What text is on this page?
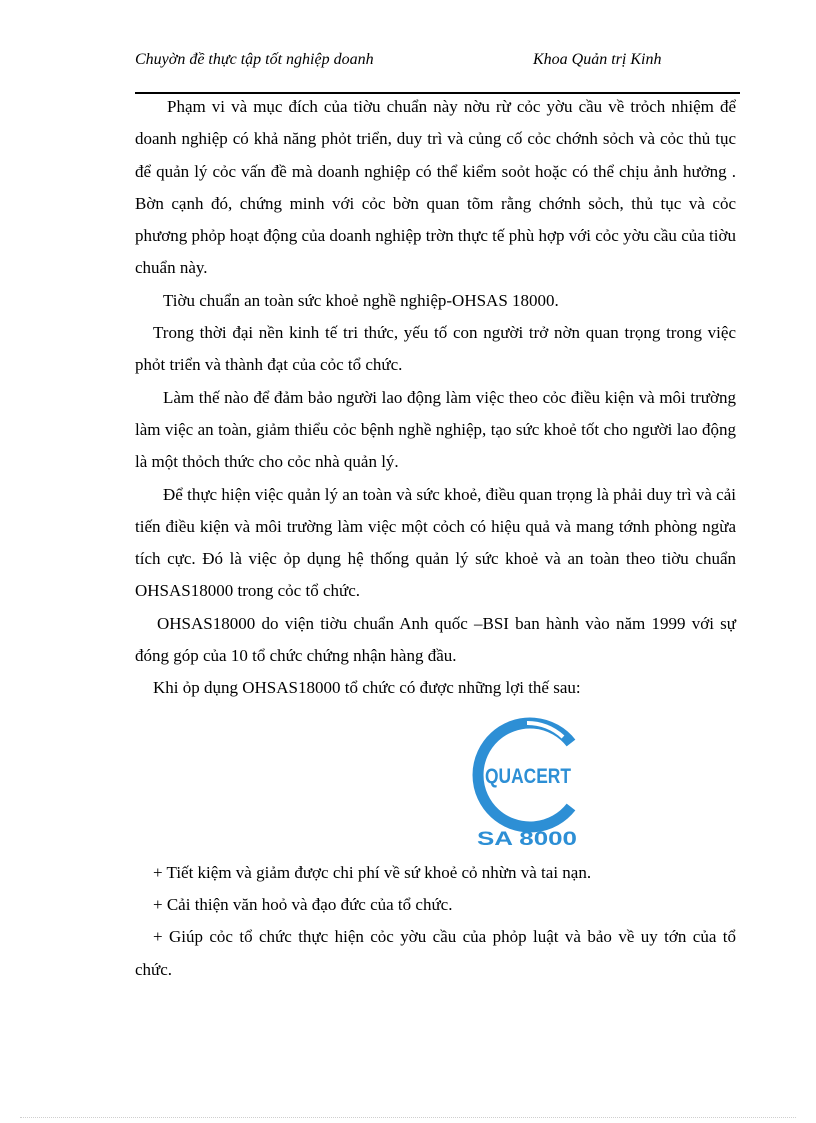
Chuyờn đề thực tập tốt nghiệp doanh	Khoa Quản trị Kinh

Phạm vi và mục đích của tiờu chuẩn này nờu rừ cỏc yờu cầu về trỏch nhiệm để doanh nghiệp có khả năng phỏt triển, duy trì và củng cố cỏc chớnh sỏch và cỏc thủ tục để quản lý cỏc vấn đề mà doanh nghiệp có thể kiểm soỏt hoặc có thể chịu ảnh hưởng . Bờn cạnh đó, chứng minh với cỏc bờn quan tõm rằng chớnh sỏch, thủ tục và cỏc phương phỏp hoạt động của doanh nghiệp trờn thực tế phù hợp với cỏc yờu cầu của tiờu chuẩn này.

Tiờu chuẩn an toàn sức khoẻ nghề nghiệp-OHSAS 18000.

Trong thời đại nền kinh tế tri thức, yếu tố con người trở nờn quan trọng trong việc phỏt triển và thành đạt của cỏc tổ chức.

Làm thế nào để đảm bảo người lao động làm việc theo cỏc điều kiện và môi trường làm việc an toàn, giảm thiểu cỏc bệnh nghề nghiệp, tạo sức khoẻ tốt cho người lao động là một thỏch thức cho cỏc nhà quản lý.

Để thực hiện việc quản lý an toàn và sức khoẻ, điều quan trọng là phải duy trì và cải tiến điều kiện và môi trường làm việc một cỏch có hiệu quả và mang tớnh phòng ngừa tích cực. Đó là việc ỏp dụng hệ thống quản lý sức khoẻ và an toàn theo tiờu chuẩn OHSAS18000 trong cỏc tổ chức.

OHSAS18000 do viện tiờu chuẩn Anh quốc –BSI ban hành vào năm 1999 với sự đóng góp của 10 tổ chức chứng nhận hàng đầu.

Khi ỏp dụng OHSAS18000 tổ chức có được những lợi thế sau:

VN
QUACERT
SA 8000

+ Tiết kiệm và giảm được chi phí về sứ khoẻ cỏ nhừn và tai nạn.

+ Cải thiện văn hoỏ và đạo đức của tổ chức.

+ Giúp cỏc tổ chức thực hiện cỏc yờu cầu của phỏp luật và bảo về uy tớn của tổ chức.
